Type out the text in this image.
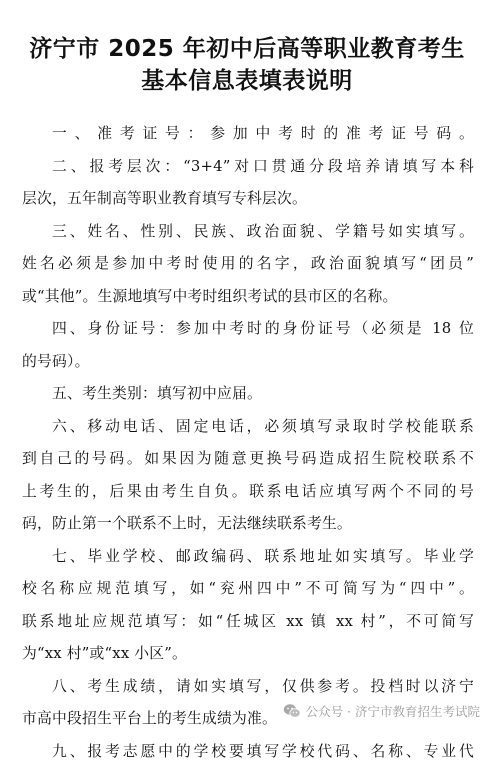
济宁市 2025 年初中后高等职业教育考生
基本信息表填表说明
一、准考证号：参加中考时的准考证号码。
二、报考层次：“3+4”对口贯通分段培养请填写本科
层次，五年制高等职业教育填写专科层次。
三、姓名、性别、民族、政治面貌、学籍号如实填写。
姓名必须是参加中考时使用的名字，政治面貌填写“团员”
或“其他”。生源地填写中考时组织考试的县市区的名称。
四、身份证号：参加中考时的身份证号（必须是 18 位
的号码）。
五、考生类别：填写初中应届。
六、移动电话、固定电话，必须填写录取时学校能联系
到自己的号码。如果因为随意更换号码造成招生院校联系不
上考生的，后果由考生自负。联系电话应填写两个不同的号
码，防止第一个联系不上时，无法继续联系考生。
七、毕业学校、邮政编码、联系地址如实填写。毕业学
校名称应规范填写，如“兖州四中”不可简写为“四中”。
联系地址应规范填写：如“任城区 xx 镇 xx 村”，不可简写
为“xx 村”或“xx 小区”。
八、考生成绩，请如实填写，仅供参考。投档时以济宁
市高中段招生平台上的考生成绩为准。
九、报考志愿中的学校要填写学校代码、名称、专业代
公众号 · 济宁市教育招生考试院
